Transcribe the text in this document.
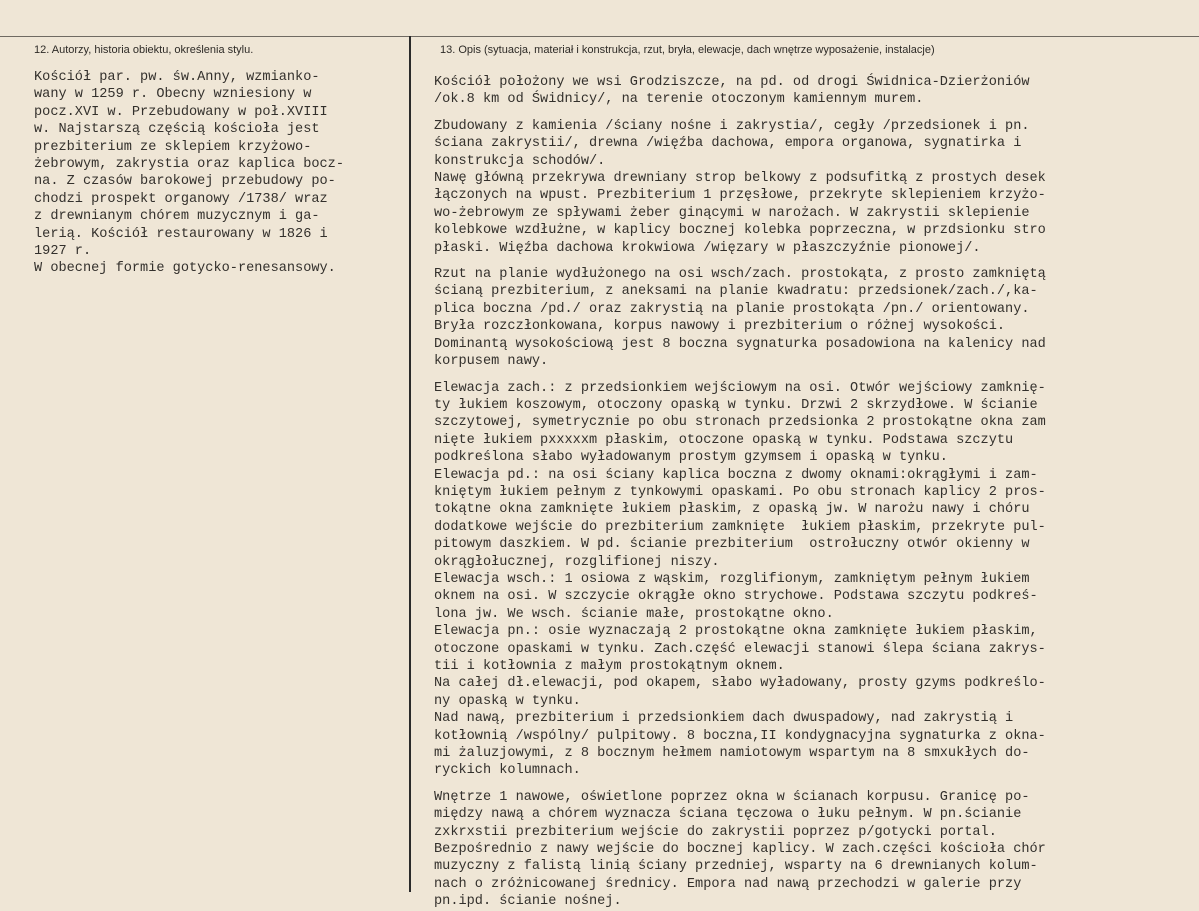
12. Autorzy, historia obiektu, określenia stylu.	13. Opis (sytuacja, materiał i konstrukcja, rzut, bryła, elewacje, dach wnętrze wyposażenie, instalacje)
Kościół par. pw. św.Anny, wzmianko-
wany w 1259 r. Obecny wzniesiony w
pocz.XVI w. Przebudowany w poł.XVIII
w. Najstarszą częścią kościoła jest
prezbiterium ze sklepiem krzyżowo-
żebrowym, zakrystia oraz kaplica bocz-
na. Z czasów barokowej przebudowy po-
chodzi prospekt organowy /1738/ wraz
z drewnianym chórem muzycznym i ga-
lerią. Kościół restaurowany w 1826 i
1927 r.
W obecnej formie gotycko-renesansowy.
Kościół położony we wsi Grodziszcze, na pd. od drogi Świdnica-Dzierżoniów
/ok.8 km od Świdnicy/, na terenie otoczonym kamiennym murem.
Zbudowany z kamienia /ściany nośne i zakrystia/, cegły /przedsionek i pn.
ściana zakrystii/, drewna /więźba dachowa, empora organowa, sygnatirka i
konstrukcja schodów/.
Nawę główną przekrywa drewniany strop belkowy z podsufitką z prostych desek
łączonych na wpust. Prezbiterium 1 przęsłowe, przekryte sklepieniem krzyżo-
wo-żebrowym ze spływami żeber ginącymi w narożach. W zakrystii sklepienie
kolebkowe wzdłużne, w kaplicy bocznej kolebka poprzeczna, w przdsionku stro
płaski. Więźba dachowa krokwiowa /więzary w płaszczyźnie pionowej/.
Rzut na planie wydłużonego na osi wsch/zach. prostokąta, z prosto zamkniętą
ścianą prezbiterium, z aneksami na planie kwadratu: przedsionek/zach./,ka-
plica boczna /pd./ oraz zakrystią na planie prostokąta /pn./ orientowany.
Bryła rozczłonkowana, korpus nawowy i prezbiterium o różnej wysokości.
Dominantą wysokościową jest 8 boczna sygnaturka posadowiona na kalenicy nad
korpusem nawy.
Elewacja zach.: z przedsionkiem wejściowym na osi. Otwór wejściowy zamknię-
ty łukiem koszowym, otoczony opaską w tynku. Drzwi 2 skrzydłowe. W ścianie
szczytowej, symetrycznie po obu stronach przedsionka 2 prostokątne okna zam
nięte łukiem pxxxxxm płaskim, otoczone opaską w tynku. Podstawa szczytu
podkreślona słabo wyładowanym prostym gzymsem i opaską w tynku.
Elewacja pd.: na osi ściany kaplica boczna z dwomy oknami:okrągłymi i zam-
kniętym łukiem pełnym z tynkowymi opaskami. Po obu stronach kaplicy 2 pros-
tokątne okna zamknięte łukiem płaskim, z opaską jw. W narożu nawy i chóru
dodatkowe wejście do prezbiterium zamknięte  łukiem płaskim, przekryte pul-
pitowym daszkiem. W pd. ścianie prezbiterium  ostrołuczny otwór okienny w
okrągłołucznej, rozglifionej niszy.
Elewacja wsch.: 1 osiowa z wąskim, rozglifionym, zamkniętym pełnym łukiem
oknem na osi. W szczycie okrągłe okno strychowe. Podstawa szczytu podkreś-
lona jw. We wsch. ścianie małe, prostokątne okno.
Elewacja pn.: osie wyznaczają 2 prostokątne okna zamknięte łukiem płaskim,
otoczone opaskami w tynku. Zach.część elewacji stanowi ślepa ściana zakrys-
tii i kotłownia z małym prostokątnym oknem.
Na całej dł.elewacji, pod okapem, słabo wyładowany, prosty gzyms podkreślo-
ny opaską w tynku.
Nad nawą, prezbiterium i przedsionkiem dach dwuspadowy, nad zakrystią i
kotłownią /wspólny/ pulpitowy. 8 boczna,II kondygnacyjna sygnaturka z okna-
mi żaluzjowymi, z 8 bocznym hełmem namiotowym wspartym na 8 smxukłych do-
ryckich kolumnach.
Wnętrze 1 nawowe, oświetlone poprzez okna w ścianach korpusu. Granicę po-
między nawą a chórem wyznacza ściana tęczowa o łuku pełnym. W pn.ścianie
zxkrxstii prezbiterium wejście do zakrystii poprzez p/gotycki portal.
Bezpośrednio z nawy wejście do bocznej kaplicy. W zach.części kościoła chór
muzyczny z falistą linią ściany przedniej, wsparty na 6 drewnianych kolum-
nach o zróżnicowanej średnicy. Empora nad nawą przechodzi w galerie przy
pn.ipd. ścianie nośnej.
